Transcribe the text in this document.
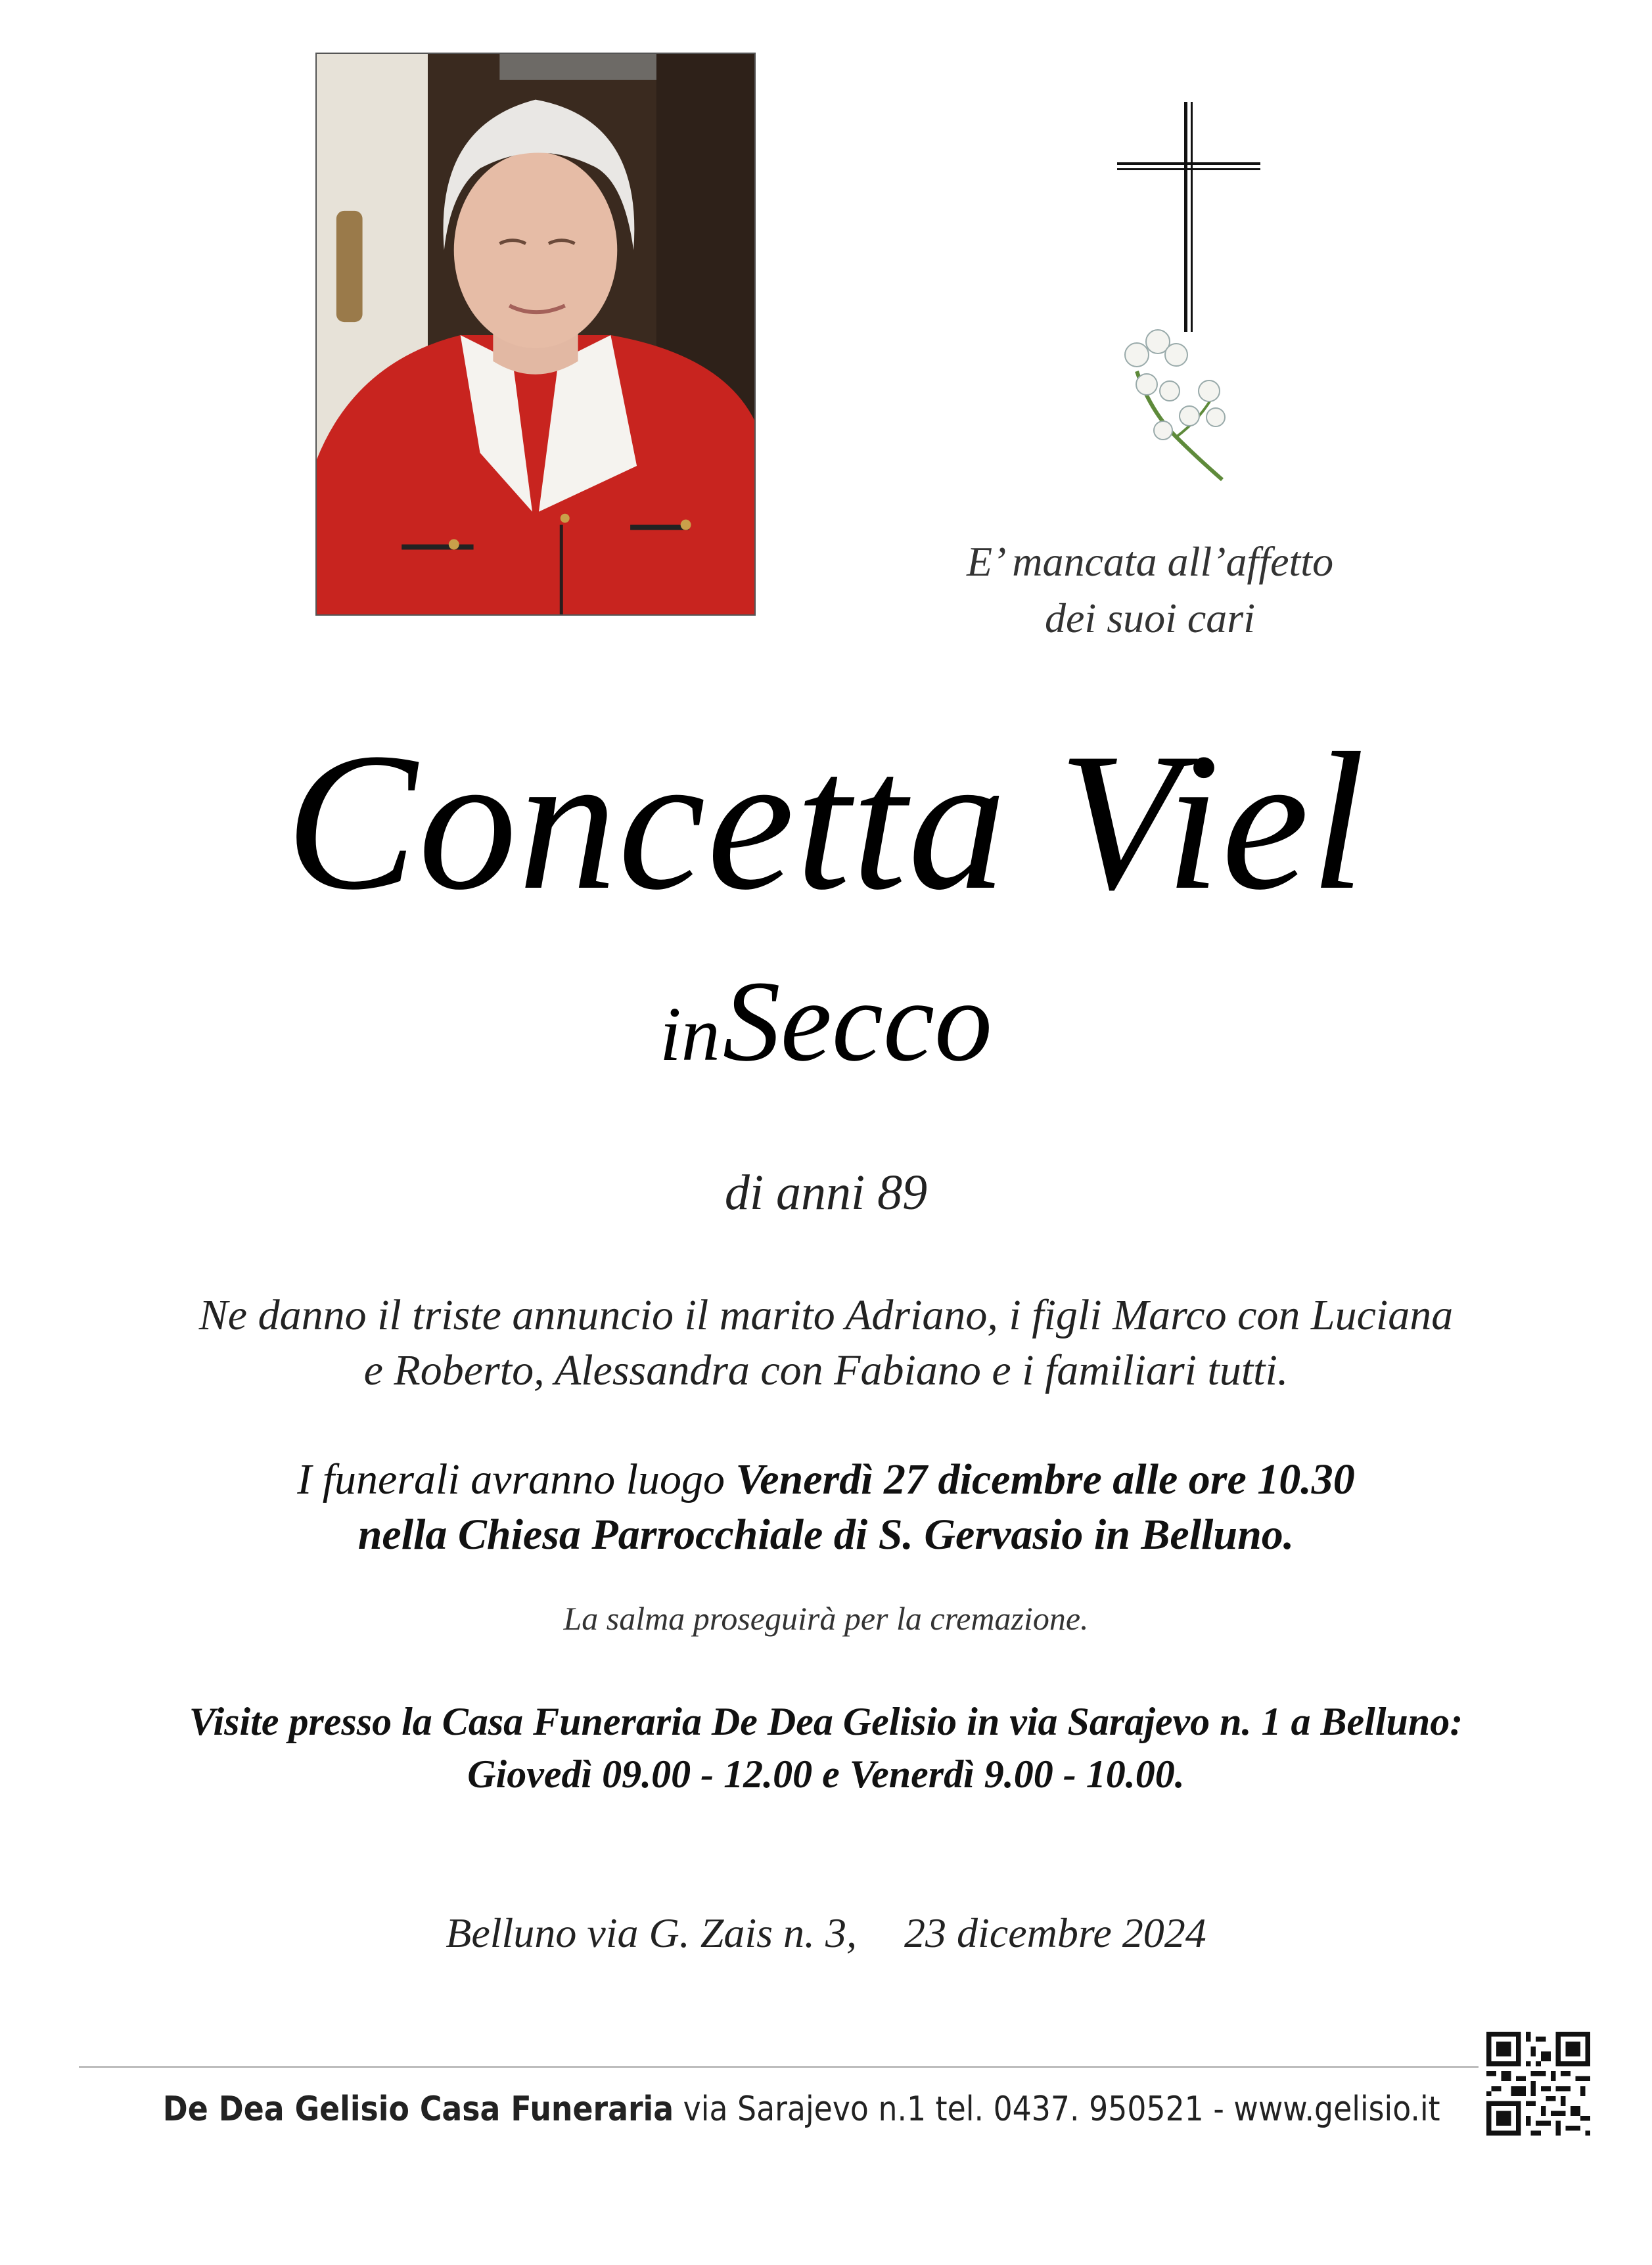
E’ mancata all’affetto
dei suoi cari
Concetta Viel
in Secco
di anni 89
Ne danno il triste annuncio il marito Adriano, i figli Marco con Luciana
e Roberto, Alessandra con Fabiano e i familiari tutti.
I funerali avranno luogo Venerdì 27 dicembre alle ore 10.30
nella Chiesa Parrocchiale di S. Gervasio in Belluno.
La salma proseguirà per la cremazione.
Visite presso la Casa Funeraria De Dea Gelisio in via Sarajevo n. 1 a Belluno:
Giovedì 09.00 - 12.00 e Venerdì 9.00 - 10.00.
Belluno via G. Zais n. 3, 23 dicembre 2024
De Dea Gelisio Casa Funeraria via Sarajevo n.1 tel. 0437. 950521 - www.gelisio.it
